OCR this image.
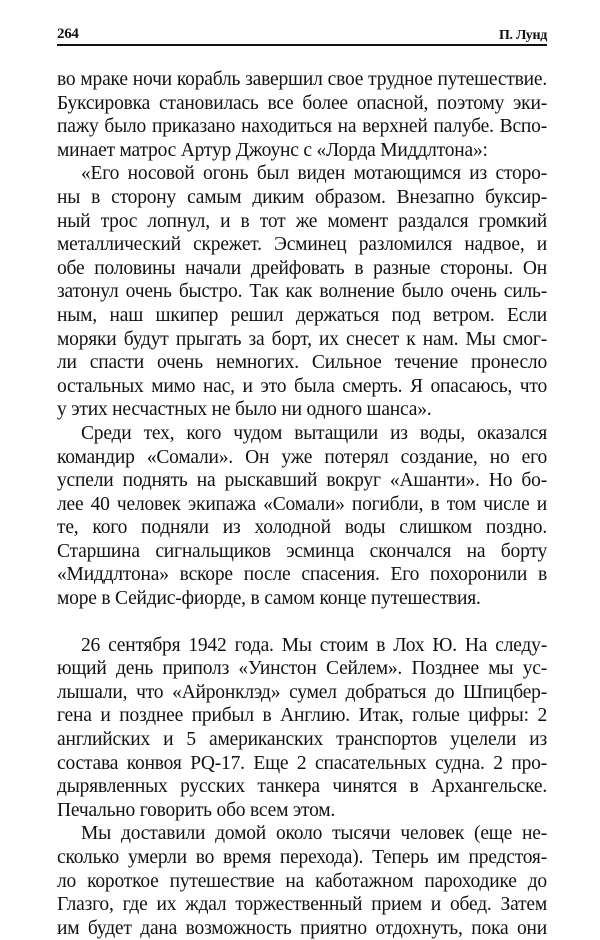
264	П. Лунд
во мраке ночи корабль завершил свое трудное путешествие.
Буксировка становилась все более опасной, поэтому эки-
пажу было приказано находиться на верхней палубе. Вспо-
минает матрос Артур Джоунс с «Лорда Миддлтона»:
«Его носовой огонь был виден мотающимся из сторо-
ны в сторону самым диким образом. Внезапно буксир-
ный трос лопнул, и в тот же момент раздался громкий
металлический скрежет. Эсминец разломился надвое, и
обе половины начали дрейфовать в разные стороны. Он
затонул очень быстро. Так как волнение было очень силь-
ным, наш шкипер решил держаться под ветром. Если
моряки будут прыгать за борт, их снесет к нам. Мы смог-
ли спасти очень немногих. Сильное течение пронесло
остальных мимо нас, и это была смерть. Я опасаюсь, что
у этих несчастных не было ни одного шанса».
Среди тех, кого чудом вытащили из воды, оказался
командир «Сомали». Он уже потерял создание, но его
успели поднять на рыскавший вокруг «Ашанти». Но бо-
лее 40 человек экипажа «Сомали» погибли, в том числе и
те, кого подняли из холодной воды слишком поздно.
Старшина сигнальщиков эсминца скончался на борту
«Миддлтона» вскоре после спасения. Его похоронили в
море в Сейдис-фиорде, в самом конце путешествия.
26 сентября 1942 года. Мы стоим в Лох Ю. На следу-
ющий день приполз «Уинстон Сейлем». Позднее мы ус-
лышали, что «Айронклэд» сумел добраться до Шпицбер-
гена и позднее прибыл в Англию. Итак, голые цифры: 2
английских и 5 американских транспортов уцелели из
состава конвоя PQ-17. Еще 2 спасательных судна. 2 про-
дырявленных русских танкера чинятся в Архангельске.
Печально говорить обо всем этом.
Мы доставили домой около тысячи человек (еще не-
сколько умерли во время перехода). Теперь им предстоя-
ло короткое путешествие на каботажном пароходике до
Глазго, где их ждал торжественный прием и обед. Затем
им будет дана возможность приятно отдохнуть, пока они
